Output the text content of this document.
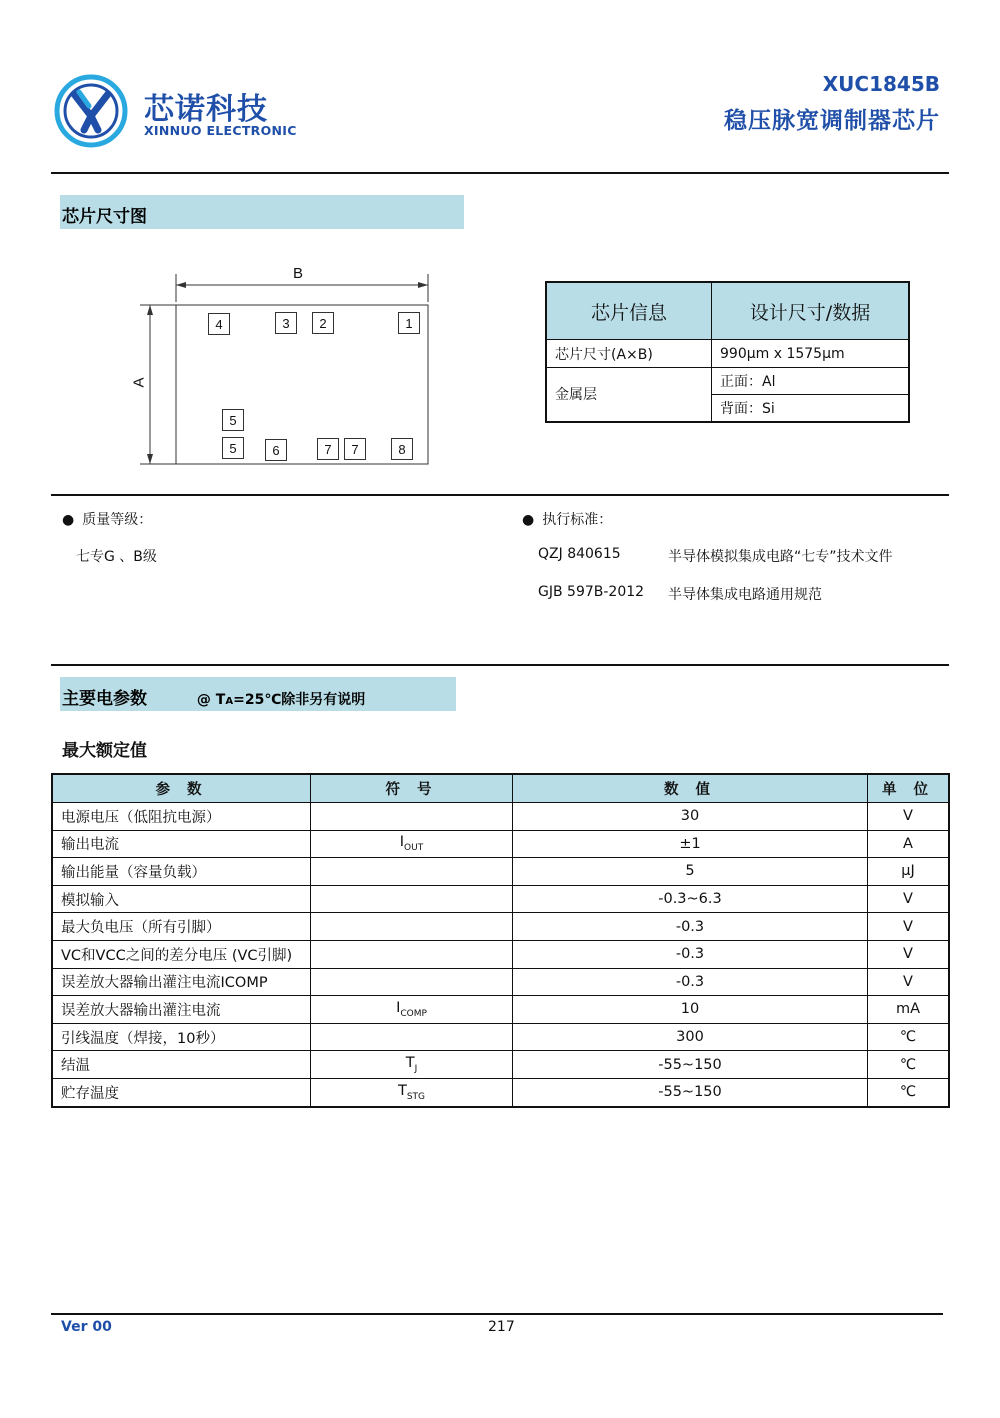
芯诺科技
XINNUO ELECTRONIC
XUC1845B
稳压脉宽调制器芯片
芯片尺寸图
B
A
4	3	2	1
5
5	6	7	7	8
芯片信息	设计尺寸/数据
芯片尺寸(A×B)	990μm x 1575μm
金属层	正面：Al
	背面：Si
● 质量等级：
七专G 、B级
● 执行标准：
QZJ 840615	半导体模拟集成电路“七专”技术文件
GJB 597B-2012 半导体集成电路通用规范
主要电参数	@ TA=25℃除非另有说明
最大额定值
参 数	符 号	数 值	单 位
电源电压（低阻抗电源）		30	V
输出电流	$I_{OUT}$	±1	A
输出能量（容量负载）		5	μJ
模拟输入		-0.3~6.3	V
最大负电压（所有引脚）		-0.3	V
VC和VCC之间的差分电压 (VC引脚)		-0.3	V
误差放大器输出灌注电流ICOMP		-0.3	V
误差放大器输出灌注电流	$I_{COMP}$	10	mA
引线温度（焊接，10秒）		300	℃
结温	$T_J$	-55~150	℃
贮存温度	$T_{STG}$	-55~150	℃
Ver 00	217
